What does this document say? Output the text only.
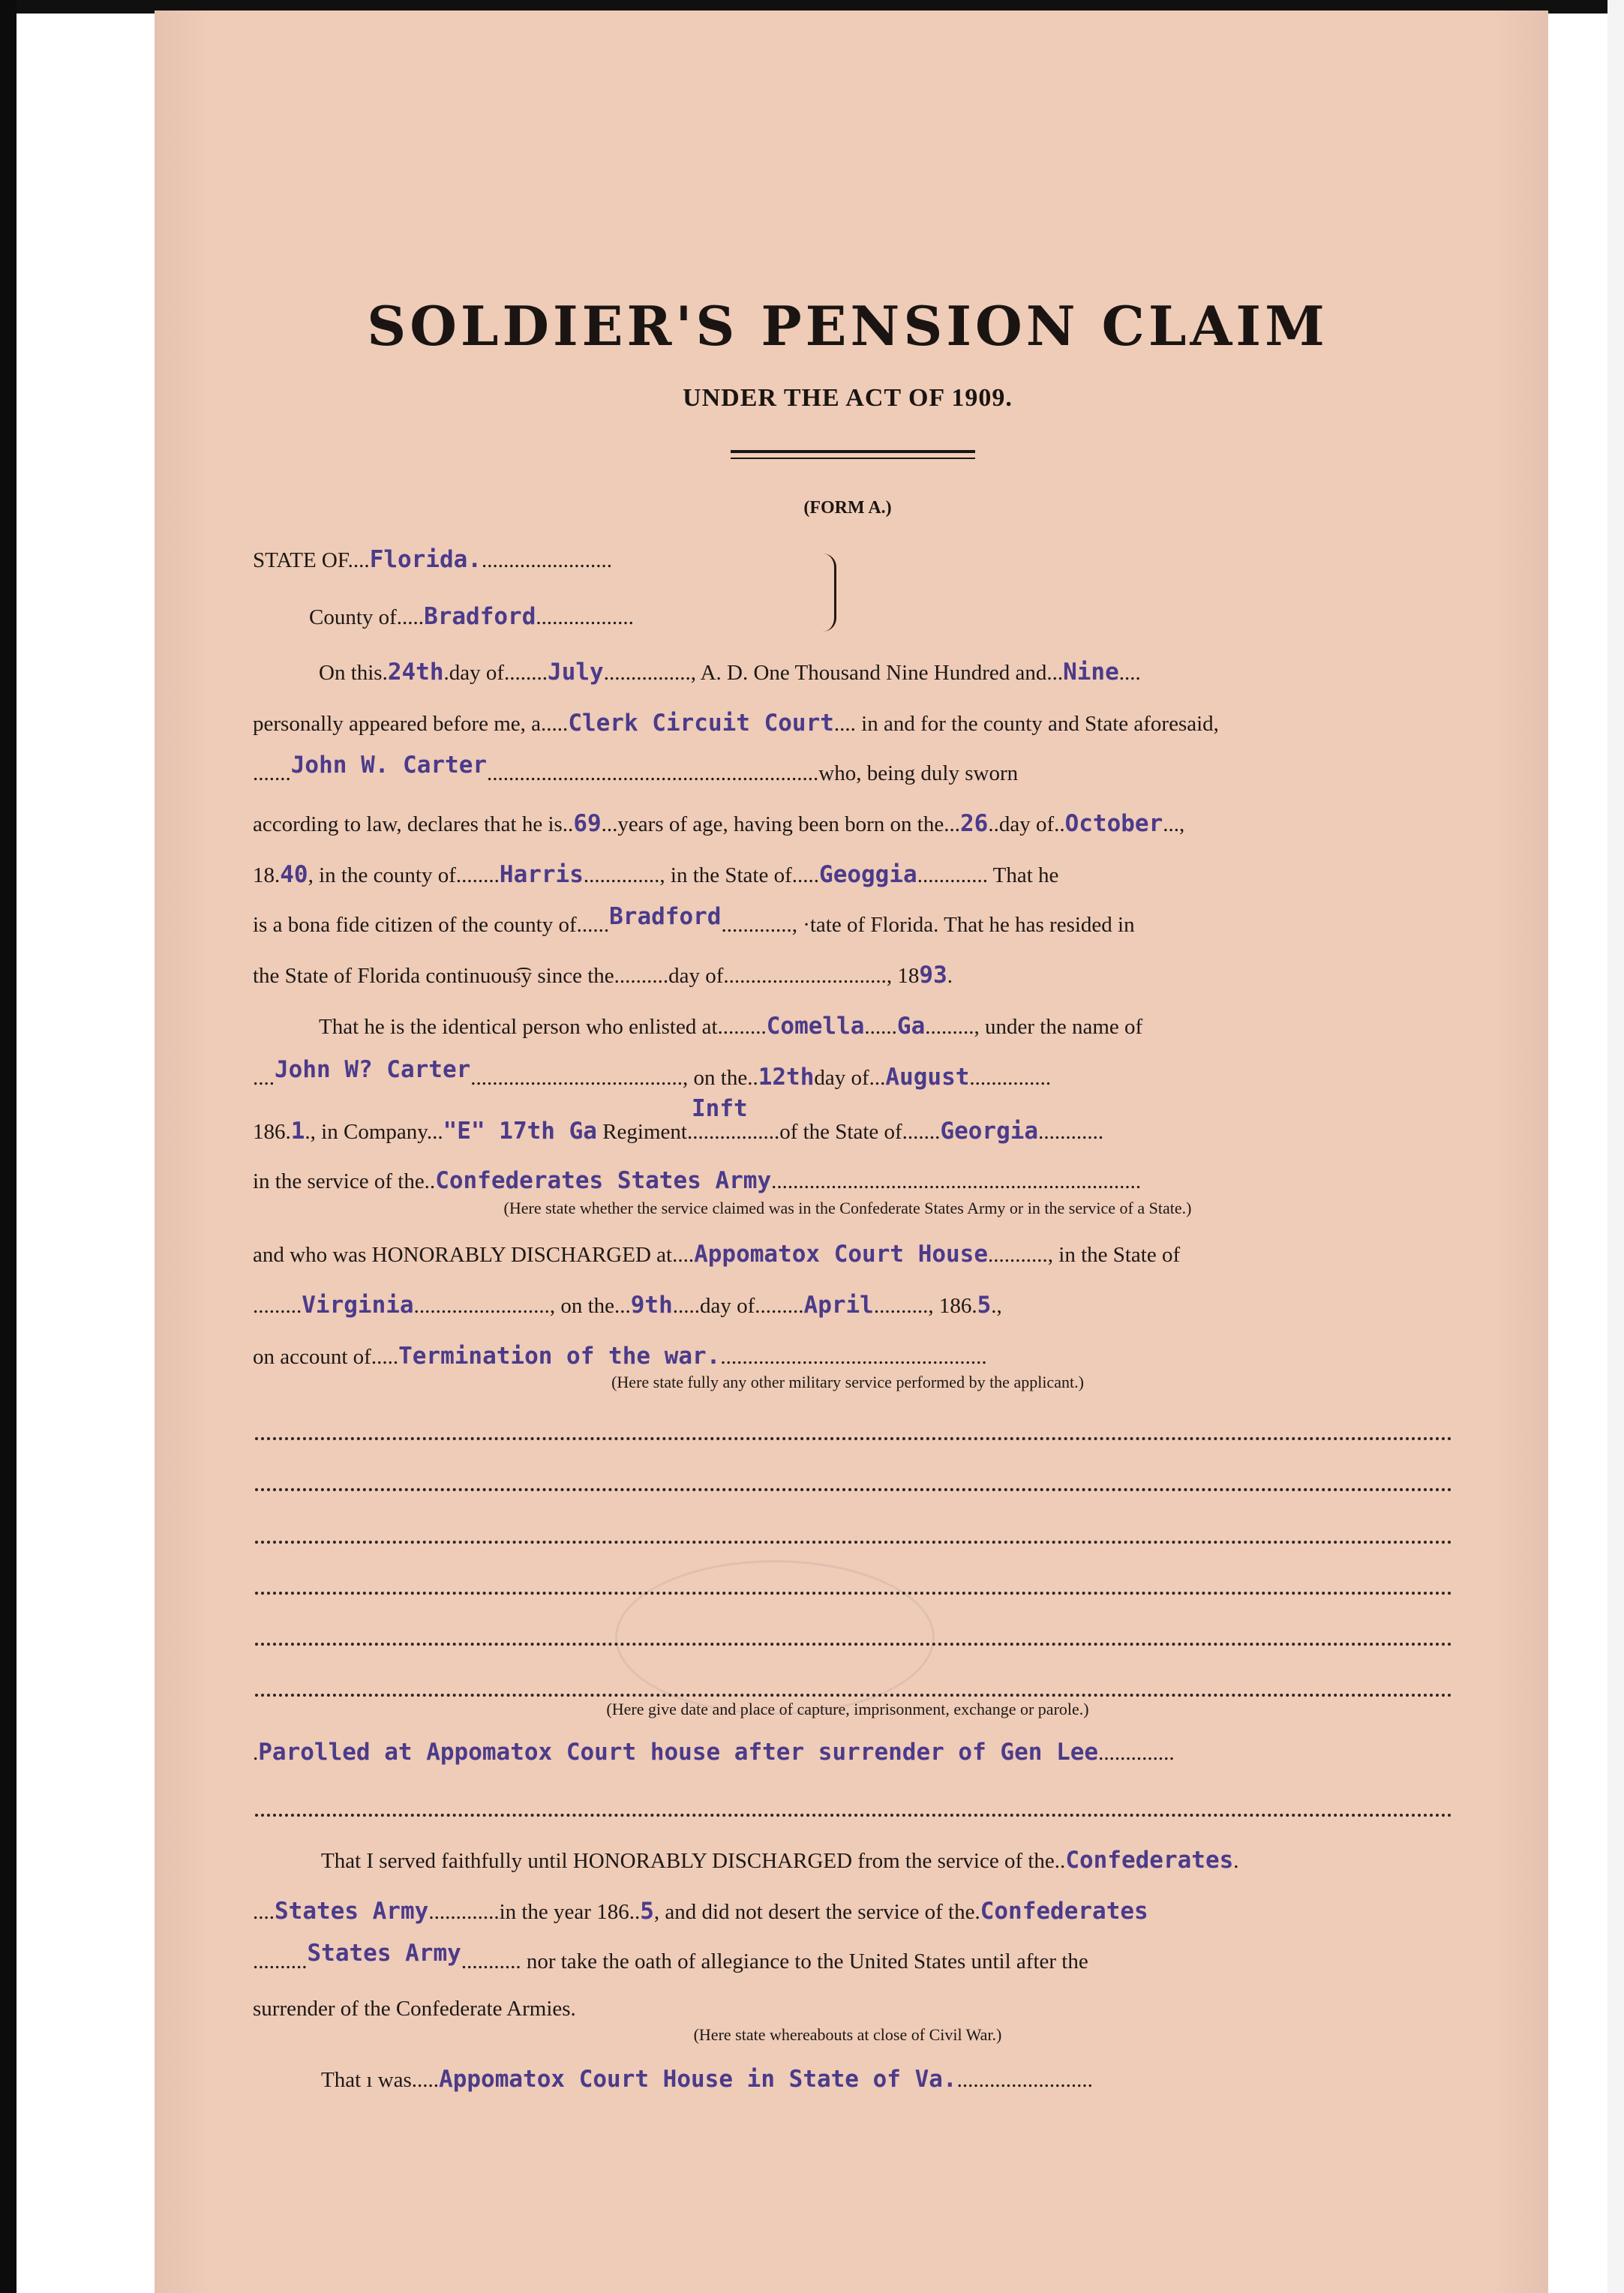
SOLDIER'S PENSION CLAIM
UNDER THE ACT OF 1909.
(FORM A.)
STATE OF....Florida.........................
County of.....Bradford..................
On this.24th.day of........July................, A. D. One Thousand Nine Hundred and...Nine....
personally appeared before me, a.....Clerk Circuit Court.... in and for the county and State aforesaid,
.......John W. Carter.............................................................who, being duly sworn
according to law, declares that he is..69...years of age, having been born on the...26..day of..October...,
18.40, in the county of........Harris.............., in the State of.....Geoggia............. That he
is a bona fide citizen of the county of......Bradford............., ·tate of Florida. That he has resided in
the State of Florida continuous͡y since the..........day of.............................., 1893.
That he is the identical person who enlisted at.........Comella......Ga........., under the name of
....John W? Carter......................................., on the..12thday of...August...............
Inft
186.1., in Company..."E" 17th Ga Regiment.................of the State of.......Georgia............
in the service of the..Confederates States Army....................................................................
(Here state whether the service claimed was in the Confederate States Army or in the service of a State.)
and who was HONORABLY DISCHARGED at....Appomatox Court House..........., in the State of
.........Virginia........................., on the...9th.....day of.........April.........., 186.5.,
on account of.....Termination of the war..................................................
(Here state fully any other military service performed by the applicant.)
(Here give date and place of capture, imprisonment, exchange or parole.)
.Parolled at Appomatox Court house after surrender of Gen Lee..............
That I served faithfully until HONORABLY DISCHARGED from the service of the..Confederates.
....States Army.............in the year 186..5, and did not desert the service of the.Confederates
..........States Army........... nor take the oath of allegiance to the United States until after the
surrender of the Confederate Armies.
(Here state whereabouts at close of Civil War.)
That ı was.....Appomatox Court House in State of Va..........................
